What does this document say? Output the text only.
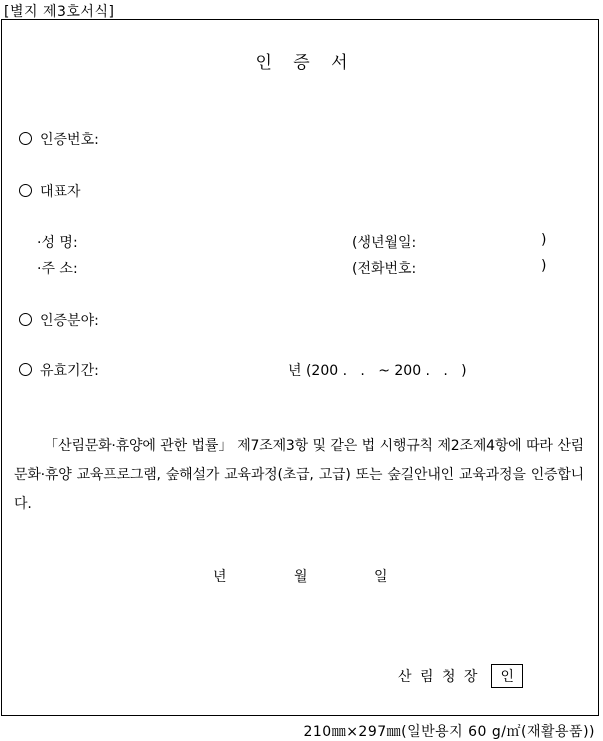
[별지 제3호서식]
인 증 서
인증번호:
대표자
·성 명:	(생년월일:	)
·주 소:	(전화번호:	)
인증분야:
유효기간:	년 (200 .   .   ~ 200 .   .   )
「산림문화·휴양에 관한 법률」 제7조제3항 및 같은 법 시행규칙 제2조제4항에 따라 산림문화·휴양 교육프로그램, 숲해설가 교육과정(초급, 고급) 또는 숲길안내인 교육과정을 인증합니다.
년	월	일
산 림 청 장 인
210㎜×297㎜(일반용지 60 g/㎡(재활용품))
